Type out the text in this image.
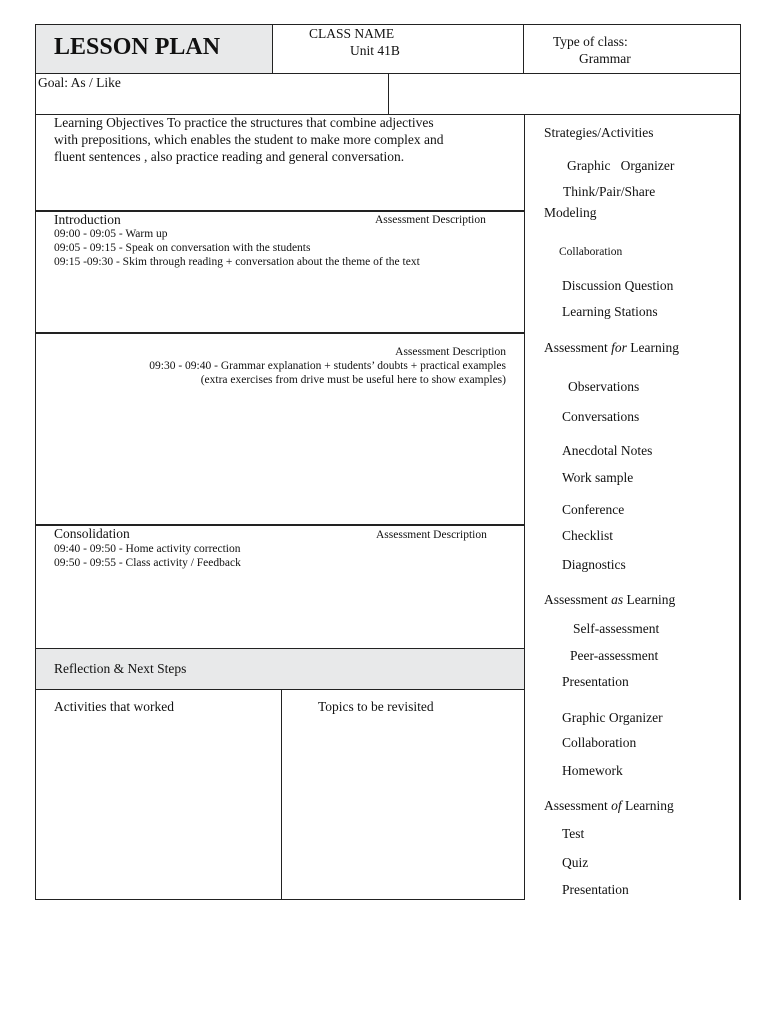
LESSON PLAN
CLASS NAME
Unit 41B
Type of class:
Grammar
Goal: As / Like
Learning Objectives To practice the structures that combine adjectives
with prepositions, which enables the student to make more complex and
fluent sentences , also practice reading and general conversation.
Introduction	Assessment Description
09:00 - 09:05 - Warm up
09:05 - 09:15 - Speak on conversation with the students
09:15 -09:30 - Skim through reading + conversation about the theme of the text
Assessment Description
09:30 - 09:40 - Grammar explanation + students’ doubts + practical examples
(extra exercises from drive must be useful here to show examples)
Consolidation	Assessment Description
09:40 - 09:50 - Home activity correction
09:50 - 09:55 - Class activity / Feedback
Reflection & Next Steps
Activities that worked	Topics to be revisited
Strategies/Activities
Graphic   Organizer
Think/Pair/Share
Modeling
Collaboration
Discussion Question
Learning Stations
Assessment for Learning
Observations
Conversations
Anecdotal Notes
Work sample
Conference
Checklist
Diagnostics
Assessment as Learning
Self-assessment
Peer-assessment
Presentation
Graphic Organizer
Collaboration
Homework
Assessment of Learning
Test
Quiz
Presentation
